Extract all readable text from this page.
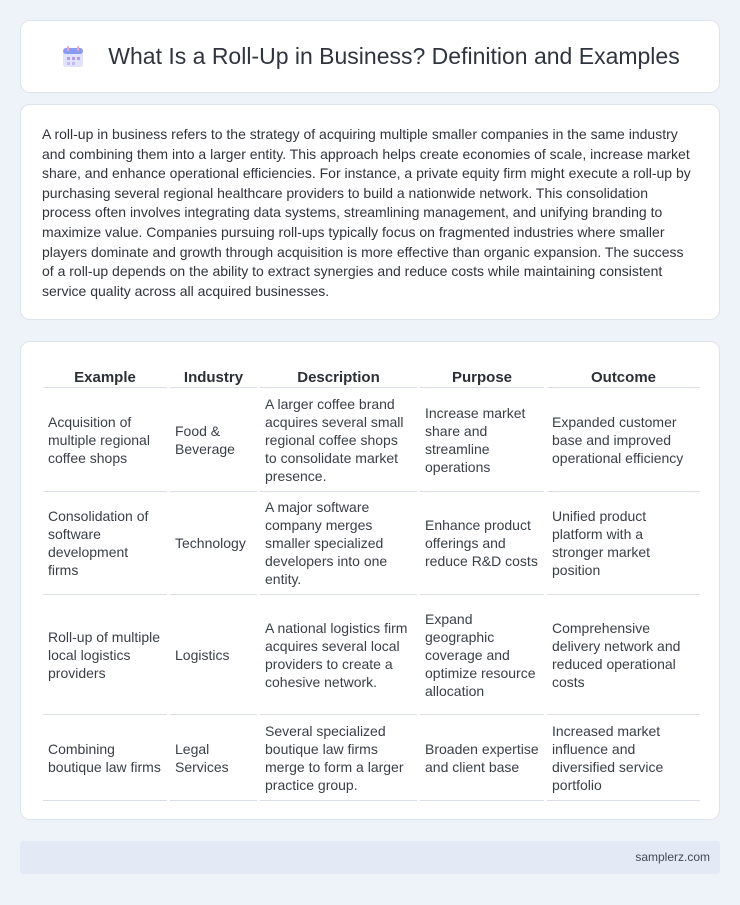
What Is a Roll-Up in Business? Definition and Examples

A roll-up in business refers to the strategy of acquiring multiple smaller companies in the same industry and combining them into a larger entity. This approach helps create economies of scale, increase market share, and enhance operational efficiencies. For instance, a private equity firm might execute a roll-up by purchasing several regional healthcare providers to build a nationwide network. This consolidation process often involves integrating data systems, streamlining management, and unifying branding to maximize value. Companies pursuing roll-ups typically focus on fragmented industries where smaller players dominate and growth through acquisition is more effective than organic expansion. The success of a roll-up depends on the ability to extract synergies and reduce costs while maintaining consistent service quality across all acquired businesses.

Example	Industry	Description	Purpose	Outcome
Acquisition of multiple regional coffee shops	Food & Beverage	A larger coffee brand acquires several small regional coffee shops to consolidate market presence.	Increase market share and streamline operations	Expanded customer base and improved operational efficiency
Consolidation of software development firms	Technology	A major software company merges smaller specialized developers into one entity.	Enhance product offerings and reduce R&D costs	Unified product platform with a stronger market position
Roll-up of multiple local logistics providers	Logistics	A national logistics firm acquires several local providers to create a cohesive network.	Expand geographic coverage and optimize resource allocation	Comprehensive delivery network and reduced operational costs
Combining boutique law firms	Legal Services	Several specialized boutique law firms merge to form a larger practice group.	Broaden expertise and client base	Increased market influence and diversified service portfolio
samplerz.com
